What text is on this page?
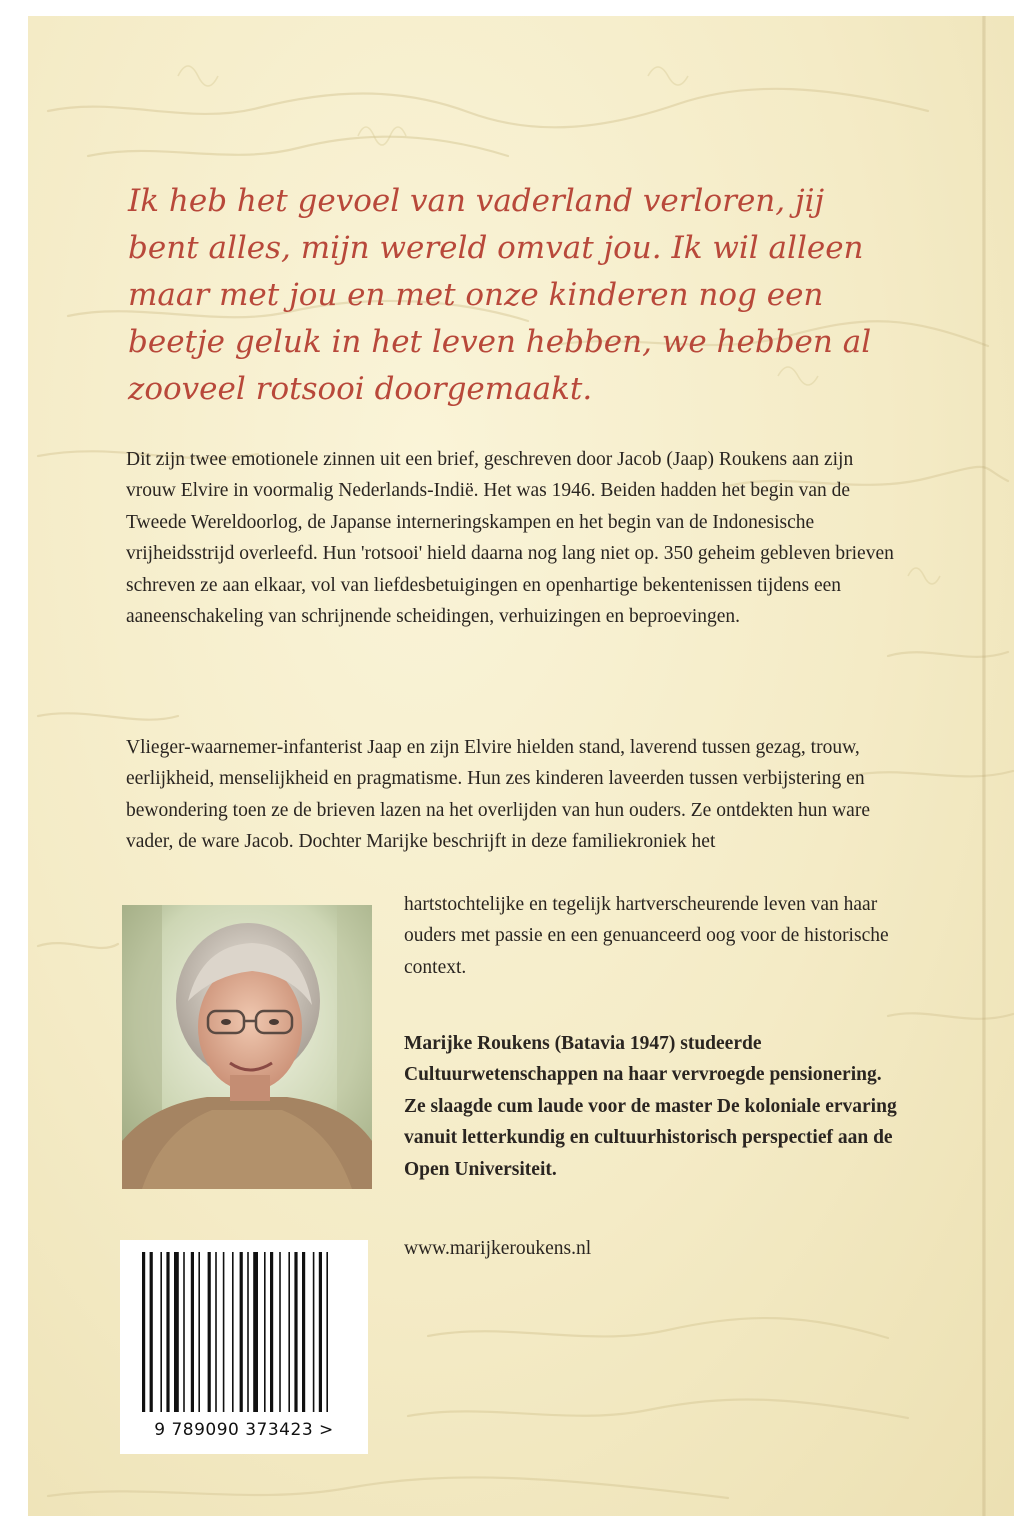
Ik heb het gevoel van vaderland verloren, jij bent alles, mijn wereld omvat jou. Ik wil alleen maar met jou en met onze kinderen nog een beetje geluk in het leven hebben, we hebben al zooveel rotsooi doorgemaakt.

Dit zijn twee emotionele zinnen uit een brief, geschreven door Jacob (Jaap) Roukens aan zijn vrouw Elvire in voormalig Nederlands-Indië. Het was 1946. Beiden hadden het begin van de Tweede Wereldoorlog, de Japanse interneringskampen en het begin van de Indonesische vrijheidsstrijd overleefd. Hun 'rotsooi' hield daarna nog lang niet op. 350 geheim gebleven brieven schreven ze aan elkaar, vol van liefdesbetuigingen en openhartige bekentenissen tijdens een aaneenschakeling van schrijnende scheidingen, verhuizingen en beproevingen.

Vlieger-waarnemer-infanterist Jaap en zijn Elvire hielden stand, laverend tussen gezag, trouw, eerlijkheid, menselijkheid en pragmatisme. Hun zes kinderen laveerden tussen verbijstering en bewondering toen ze de brieven lazen na het overlijden van hun ouders. Ze ontdekten hun ware vader, de ware Jacob. Dochter Marijke beschrijft in deze familiekroniek het

hartstochtelijke en tegelijk hartverscheurende leven van haar ouders met passie en een genuanceerd oog voor de historische context.

Marijke Roukens (Batavia 1947) studeerde Cultuurwetenschappen na haar vervroegde pensionering. Ze slaagde cum laude voor de master De koloniale ervaring vanuit letterkundig en cultuurhistorisch perspectief aan de Open Universiteit.

www.marijkeroukens.nl

9 789090 373423 >
